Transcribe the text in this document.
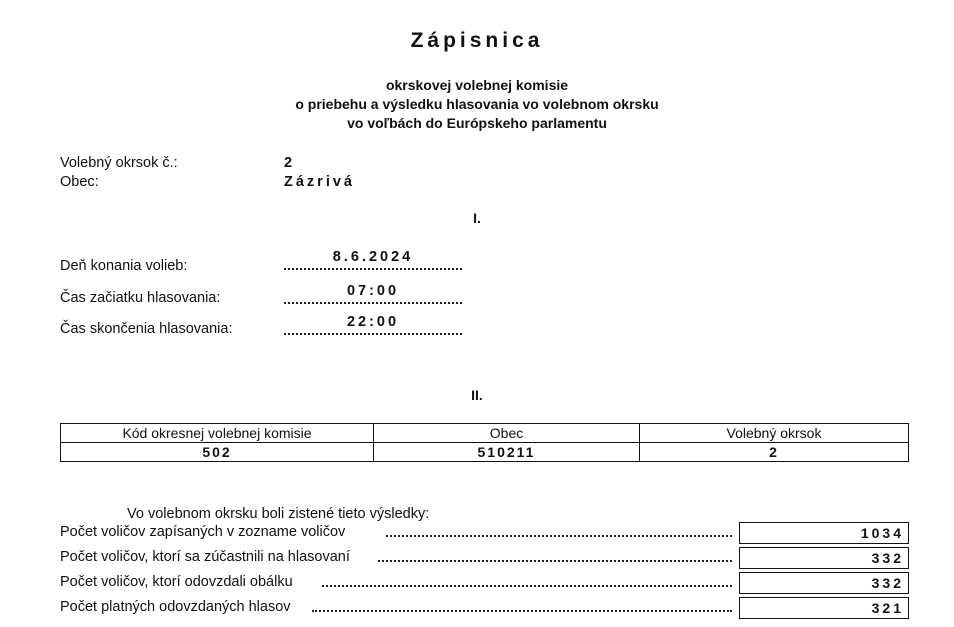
Zápisnica
okrskovej volebnej komisie
o priebehu a výsledku hlasovania vo volebnom okrsku
vo voľbách do Európskeho parlamentu
Volebný okrsok č.:	2
Obec:	Zázrivá
I.
Deň konania volieb:
8.6.2024
Čas začiatku hlasovania:	07:00
Čas skončenia hlasovania:	22:00
II.
Kód okresnej volebnej komisie	Obec	Volebný okrsok
502	510211	2
Vo volebnom okrsku boli zistené tieto výsledky:
Počet voličov zapísaných v zozname voličov	1034
Počet voličov, ktorí sa zúčastnili na hlasovaní	332
Počet voličov, ktorí odovzdali obálku	332
Počet platných odovzdaných hlasov	321
